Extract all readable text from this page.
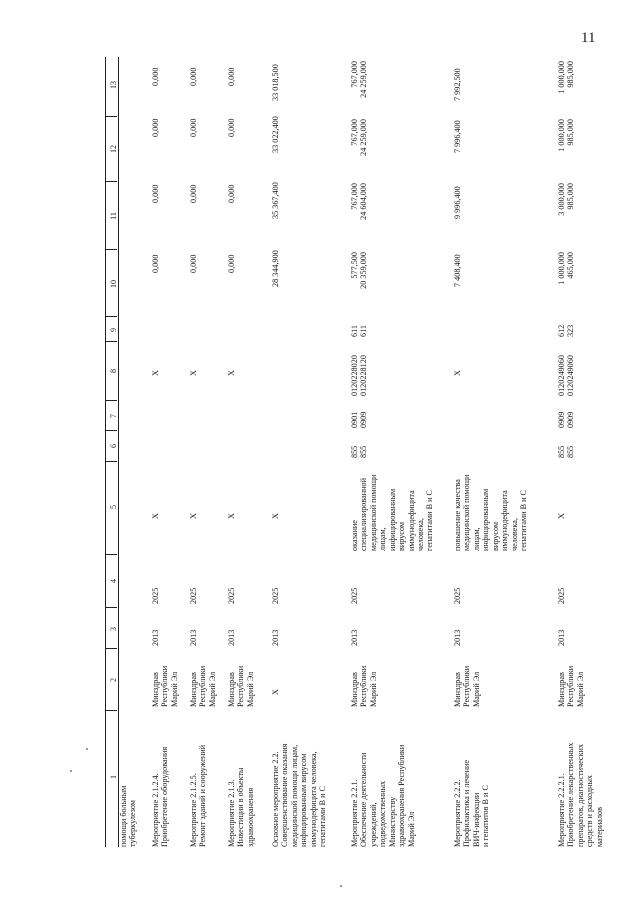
11
1
2
3
4
5
6
7
8
9
10
11
12
13
помощи больным
туберкулезом Мероприятие 2.1.2.4.
Приобретение оборудования
Минздрав
Республики
Марий Эл
2013
2025
X
X
0,000
0,000
0,000
0,000
Мероприятие 2.1.2.5.
Ремонт зданий и сооружений
Минздрав
Республики
Марий Эл
2013
2025
X
X
0,000
0,000
0,000
0,000
Мероприятие 2.1.3.
Инвестиции в объекты
здравоохранения
Минздрав
Республики
Марий Эл
2013
2025
X
X
0,000
0,000
0,000
0,000
Основное мероприятие 2.2.
Совершенствование оказания
медицинской помощи лицам,
инфицированным вирусом
иммунодефицита человека,
гепатитами В и С
X
2013
2025
X
28 344,900
35 367,400
33 022,400
33 018,500
Мероприятие 2.2.1.
Обеспечение деятельности
учреждений,
подведомственных
Министерству
здравоохранения Республики
Марий Эл
Минздрав
Республики
Марий Эл
2013
2025
оказание
специализированной
медицинской помощи
лицам,
инфицированным
вирусом
иммунодефицита
человека,
гепатитами В и С
855
855
0901
0909
0120228020
0120228120
611
611
577,500
20 359,000
767,000
24 604,000
767,000
24 259,000
767,000
24 259,000
Мероприятие 2.2.2.
Профилактика и лечение
ВИЧ-инфекции
и гепатитов В и С
Минздрав
Республики
Марий Эл
2013
2025
повышение качества
медицинской помощи
лицам,
инфицированным
вирусом
иммунодефицита
человека,
гепатитами В и С
X
7 408,400
9 996,400
7 996,400
7 992,500
Мероприятие 2.2.2.1.
Приобретение лекарственных
препаратов, диагностических
средств и расходных
материалов
Минздрав
Республики
Марий Эл
2013
2025
X
855
855
0909
0909
0120249060
0120249060
612
323
1 000,000
465,000
3 000,000
985,000
1 000,000
985,000
1 000,000
985,000
